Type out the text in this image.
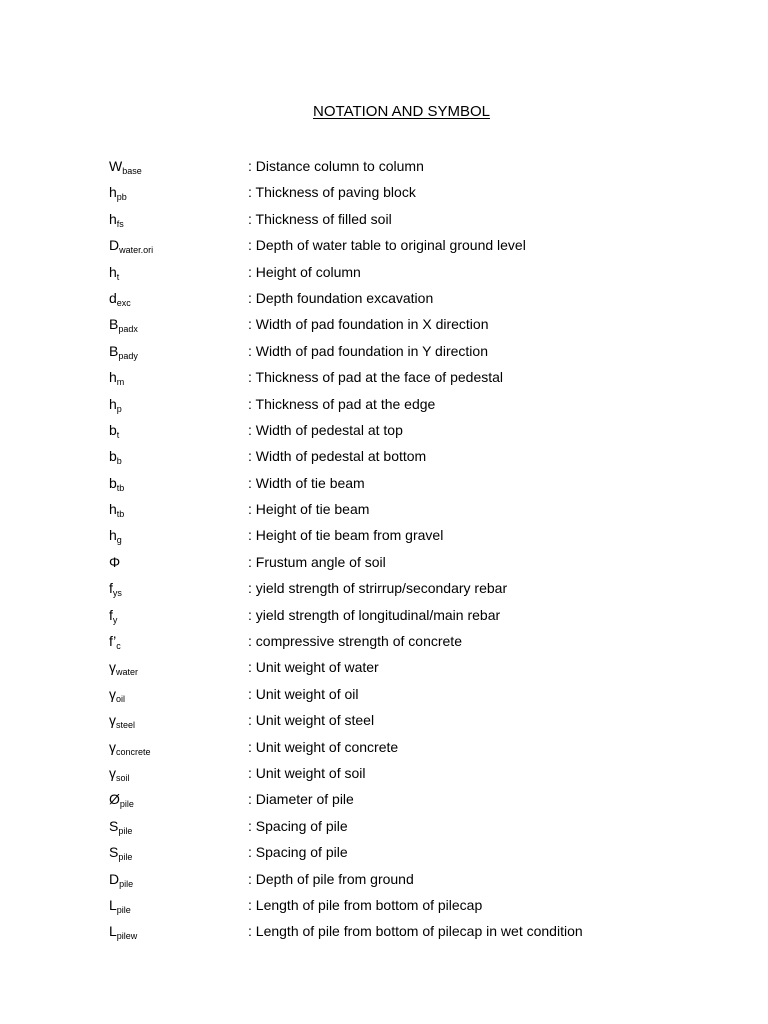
NOTATION AND SYMBOL
$W_{base}$	: Distance column to column
$h_{pb}$	: Thickness of paving block
$h_{fs}$	: Thickness of filled soil
$D_{water.ori}$	: Depth of water table to original ground level
$h_t$	: Height of column
$d_{exc}$	: Depth foundation excavation
$B_{padx}$	: Width of pad foundation in X direction
$B_{pady}$	: Width of pad foundation in Y direction
$h_m$	: Thickness of pad at the face of pedestal
$h_p$	: Thickness of pad at the edge
$b_t$	: Width of pedestal at top
$b_b$	: Width of pedestal at bottom
$b_{tb}$	: Width of tie beam
$h_{tb}$	: Height of tie beam
$h_g$	: Height of tie beam from gravel
Φ	: Frustum angle of soil
$f_{ys}$	: yield strength of strirrup/secondary rebar
$f_y$	: yield strength of longitudinal/main rebar
$f’_c$	: compressive strength of concrete
$\gamma_{water}$	: Unit weight of water
$\gamma_{oil}$	: Unit weight of oil
$\gamma_{steel}$	: Unit weight of steel
$\gamma_{concrete}$	: Unit weight of concrete
$\gamma_{soil}$	: Unit weight of soil
$Ø_{pile}$	: Diameter of pile
$S_{pile}$	: Spacing of pile
$S_{pile}$	: Spacing of pile
$D_{pile}$	: Depth of pile from ground
$L_{pile}$	: Length of pile from bottom of pilecap
$L_{pilew}$	: Length of pile from bottom of pilecap in wet condition
